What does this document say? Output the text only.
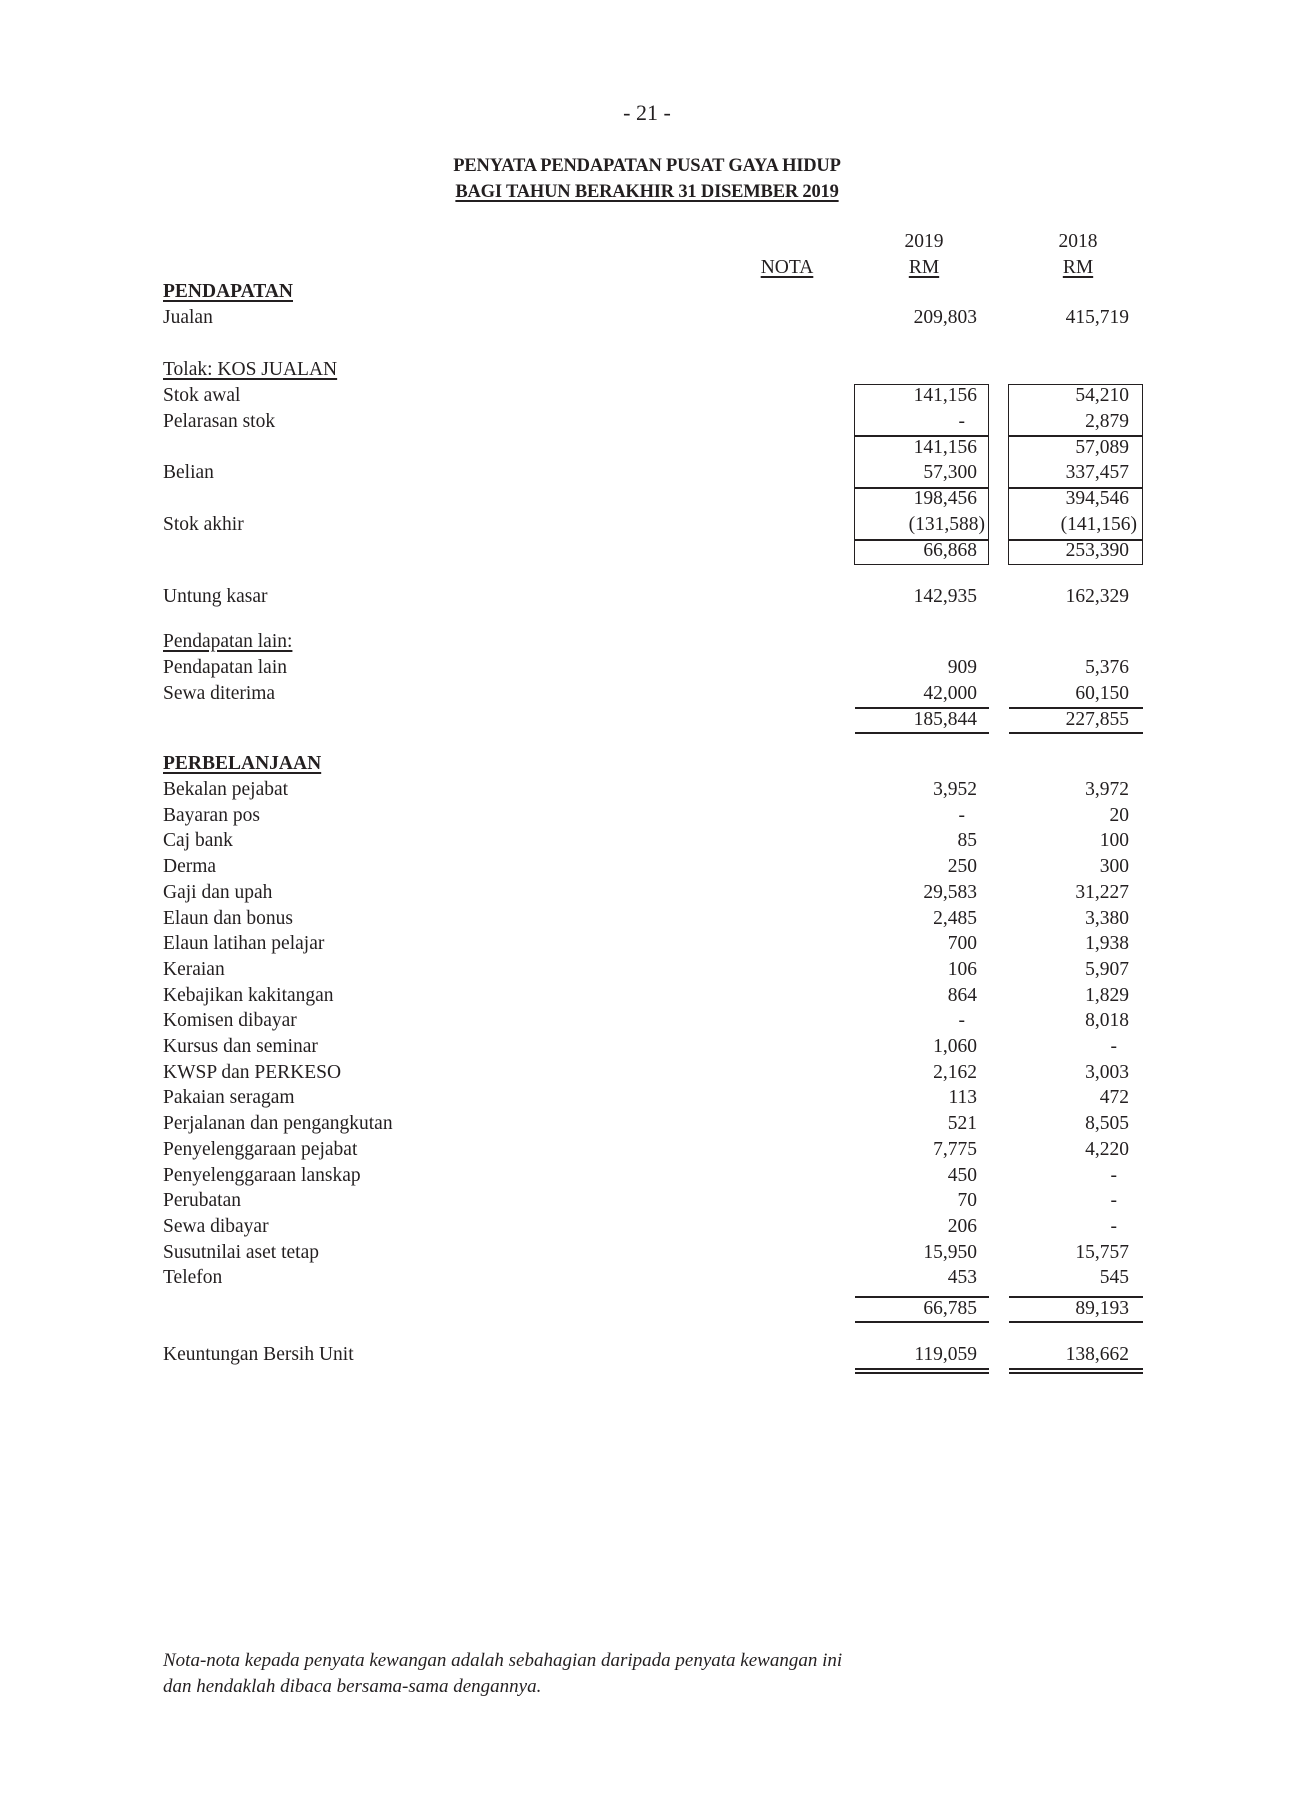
- 21 -
PENYATA PENDAPATAN PUSAT GAYA HIDUP
BAGI TAHUN BERAKHIR 31 DISEMBER 2019
2019	2018
NOTA	RM	RM
PENDAPATAN
Jualan	209,803	415,719
Tolak: KOS JUALAN
Stok awal	141,156	54,210
Pelarasan stok	-	2,879
141,156	57,089
Belian	57,300	337,457
198,456	394,546
Stok akhir	(131,588)	(141,156)
66,868	253,390
Untung kasar	142,935	162,329
Pendapatan lain:
Pendapatan lain	909	5,376
Sewa diterima	42,000	60,150
185,844	227,855
PERBELANJAAN
Bekalan pejabat	3,952	3,972
Bayaran pos	-	20
Caj bank	85	100
Derma	250	300
Gaji dan upah	29,583	31,227
Elaun dan bonus	2,485	3,380
Elaun latihan pelajar	700	1,938
Keraian	106	5,907
Kebajikan kakitangan	864	1,829
Komisen dibayar	-	8,018
Kursus dan seminar	1,060	-
KWSP dan PERKESO	2,162	3,003
Pakaian seragam	113	472
Perjalanan dan pengangkutan	521	8,505
Penyelenggaraan pejabat	7,775	4,220
Penyelenggaraan lanskap	450	-
Perubatan	70	-
Sewa dibayar	206	-
Susutnilai aset tetap	15,950	15,757
Telefon	453	545
66,785	89,193
Keuntungan Bersih Unit	119,059	138,662
Nota-nota kepada penyata kewangan adalah sebahagian daripada penyata kewangan ini
dan hendaklah dibaca bersama-sama dengannya.
